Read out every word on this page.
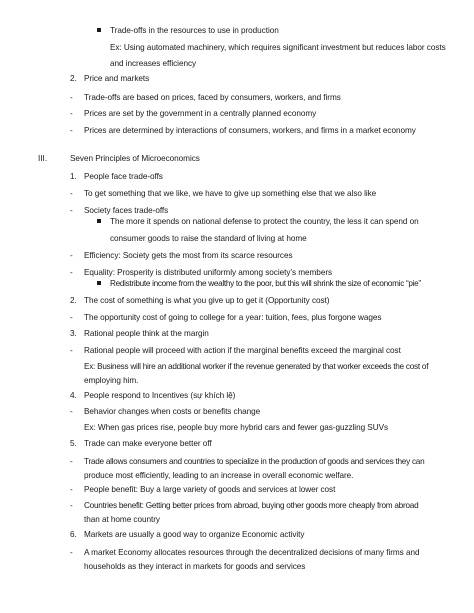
2.
-
-
-
III.
1.
-
-
-
-
2.
-
3.
-
4.
-
5.
-
-
-
6.
-
Trade-offs in the resources to use in production
Ex: Using automated machinery, which requires significant investment but reduces labor costs
and increases efficiency
Price and markets
Trade-offs are based on prices, faced by consumers, workers, and firms
Prices are set by the government in a centrally planned economy
Prices are determined by interactions of consumers, workers, and firms in a market economy
Seven Principles of Microeconomics
People face trade-offs
To get something that we like, we have to give up something else that we also like
Society faces trade-offs
The more it spends on national defense to protect the country, the less it can spend on
consumer goods to raise the standard of living at home
Efficiency: Society gets the most from its scarce resources
Equality: Prosperity is distributed uniformly among society’s members
Redistribute income from the wealthy to the poor, but this will shrink the size of economic “pie”
The cost of something is what you give up to get it (Opportunity cost)
The opportunity cost of going to college for a year: tuition, fees, plus forgone wages
Rational people think at the margin
Rational people will proceed with action if the marginal benefits exceed the marginal cost
Ex: Business will hire an additional worker if the revenue generated by that worker exceeds the cost of
employing him.
People respond to Incentives (sự khích lệ)
Behavior changes when costs or benefits change
Ex: When gas prices rise, people buy more hybrid cars and fewer gas-guzzling SUVs
Trade can make everyone better off
Trade allows consumers and countries to specialize in the production of goods and services they can
produce most efficiently, leading to an increase in overall economic welfare.
People benefit: Buy a large variety of goods and services at lower cost
Countries benefit: Getting better prices from abroad, buying other goods more cheaply from abroad
than at home country
Markets are usually a good way to organize Economic activity
A market Economy allocates resources through the decentralized decisions of many firms and
households as they interact in markets for goods and services
